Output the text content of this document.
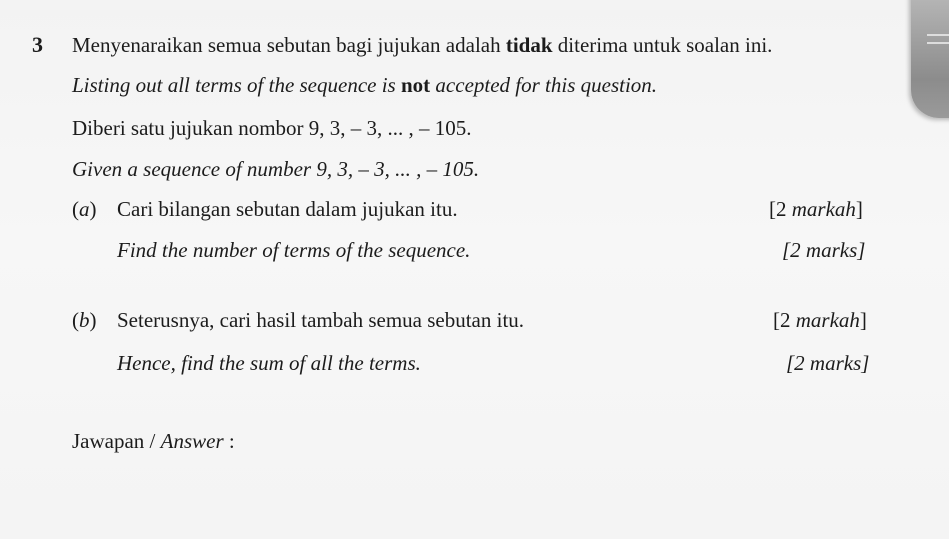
3 Menyenaraikan semua sebutan bagi jujukan adalah tidak diterima untuk soalan ini.
Listing out all terms of the sequence is not accepted for this question.
Diberi satu jujukan nombor 9, 3, – 3, ... , – 105.
Given a sequence of number 9, 3, – 3, ... , – 105.
(a) Cari bilangan sebutan dalam jujukan itu.	[2 markah]
Find the number of terms of the sequence.	[2 marks]
(b) Seterusnya, cari hasil tambah semua sebutan itu.	[2 markah]
Hence, find the sum of all the terms.	[2 marks]
Jawapan / Answer :
